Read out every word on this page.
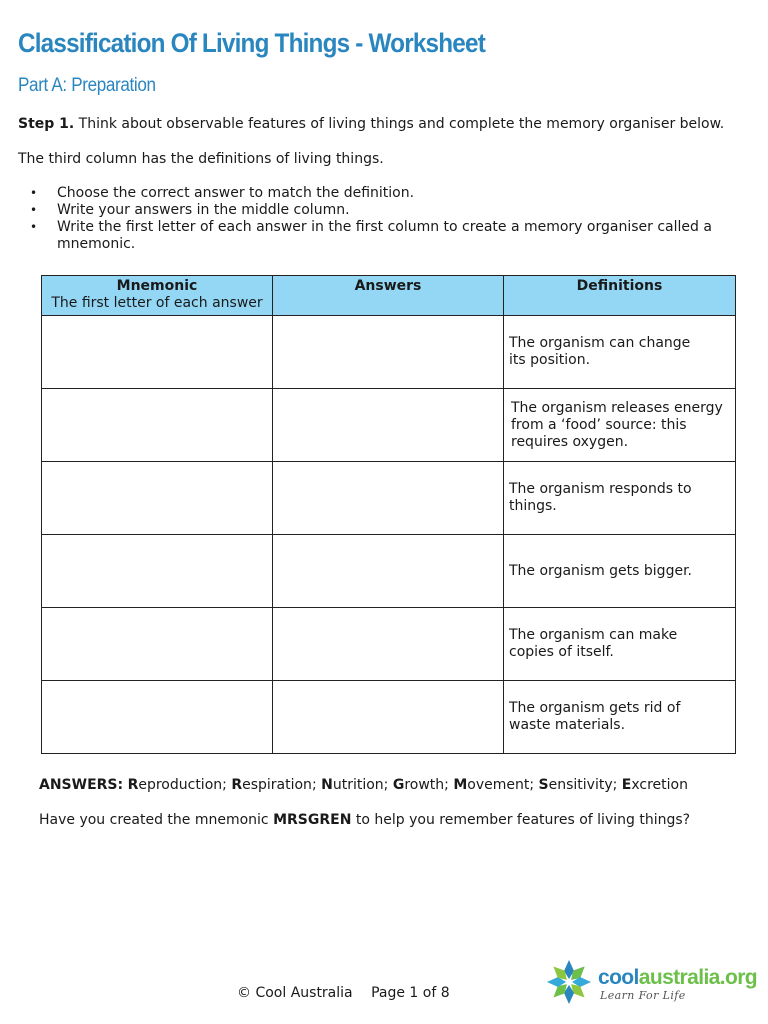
Classification Of Living Things - Worksheet
Part A: Preparation

Step 1. Think about observable features of living things and complete the memory organiser below.

The third column has the definitions of living things.

• Choose the correct answer to match the definition.
• Write your answers in the middle column.
• Write the first letter of each answer in the first column to create a memory organiser called a mnemonic.
Mnemonic
The first letter of each answer	Answers	Definitions
		The organism can change its position.
		The organism releases energy from a ‘food’ source: this requires oxygen.
		The organism responds to things.
		The organism gets bigger.
		The organism can make copies of itself.
		The organism gets rid of waste materials.

ANSWERS: Reproduction; Respiration; Nutrition; Growth; Movement; Sensitivity; Excretion

Have you created the mnemonic MRSGREN to help you remember features of living things?

© Cool Australia Page 1 of 8
coolaustralia.org
Learn For Life
